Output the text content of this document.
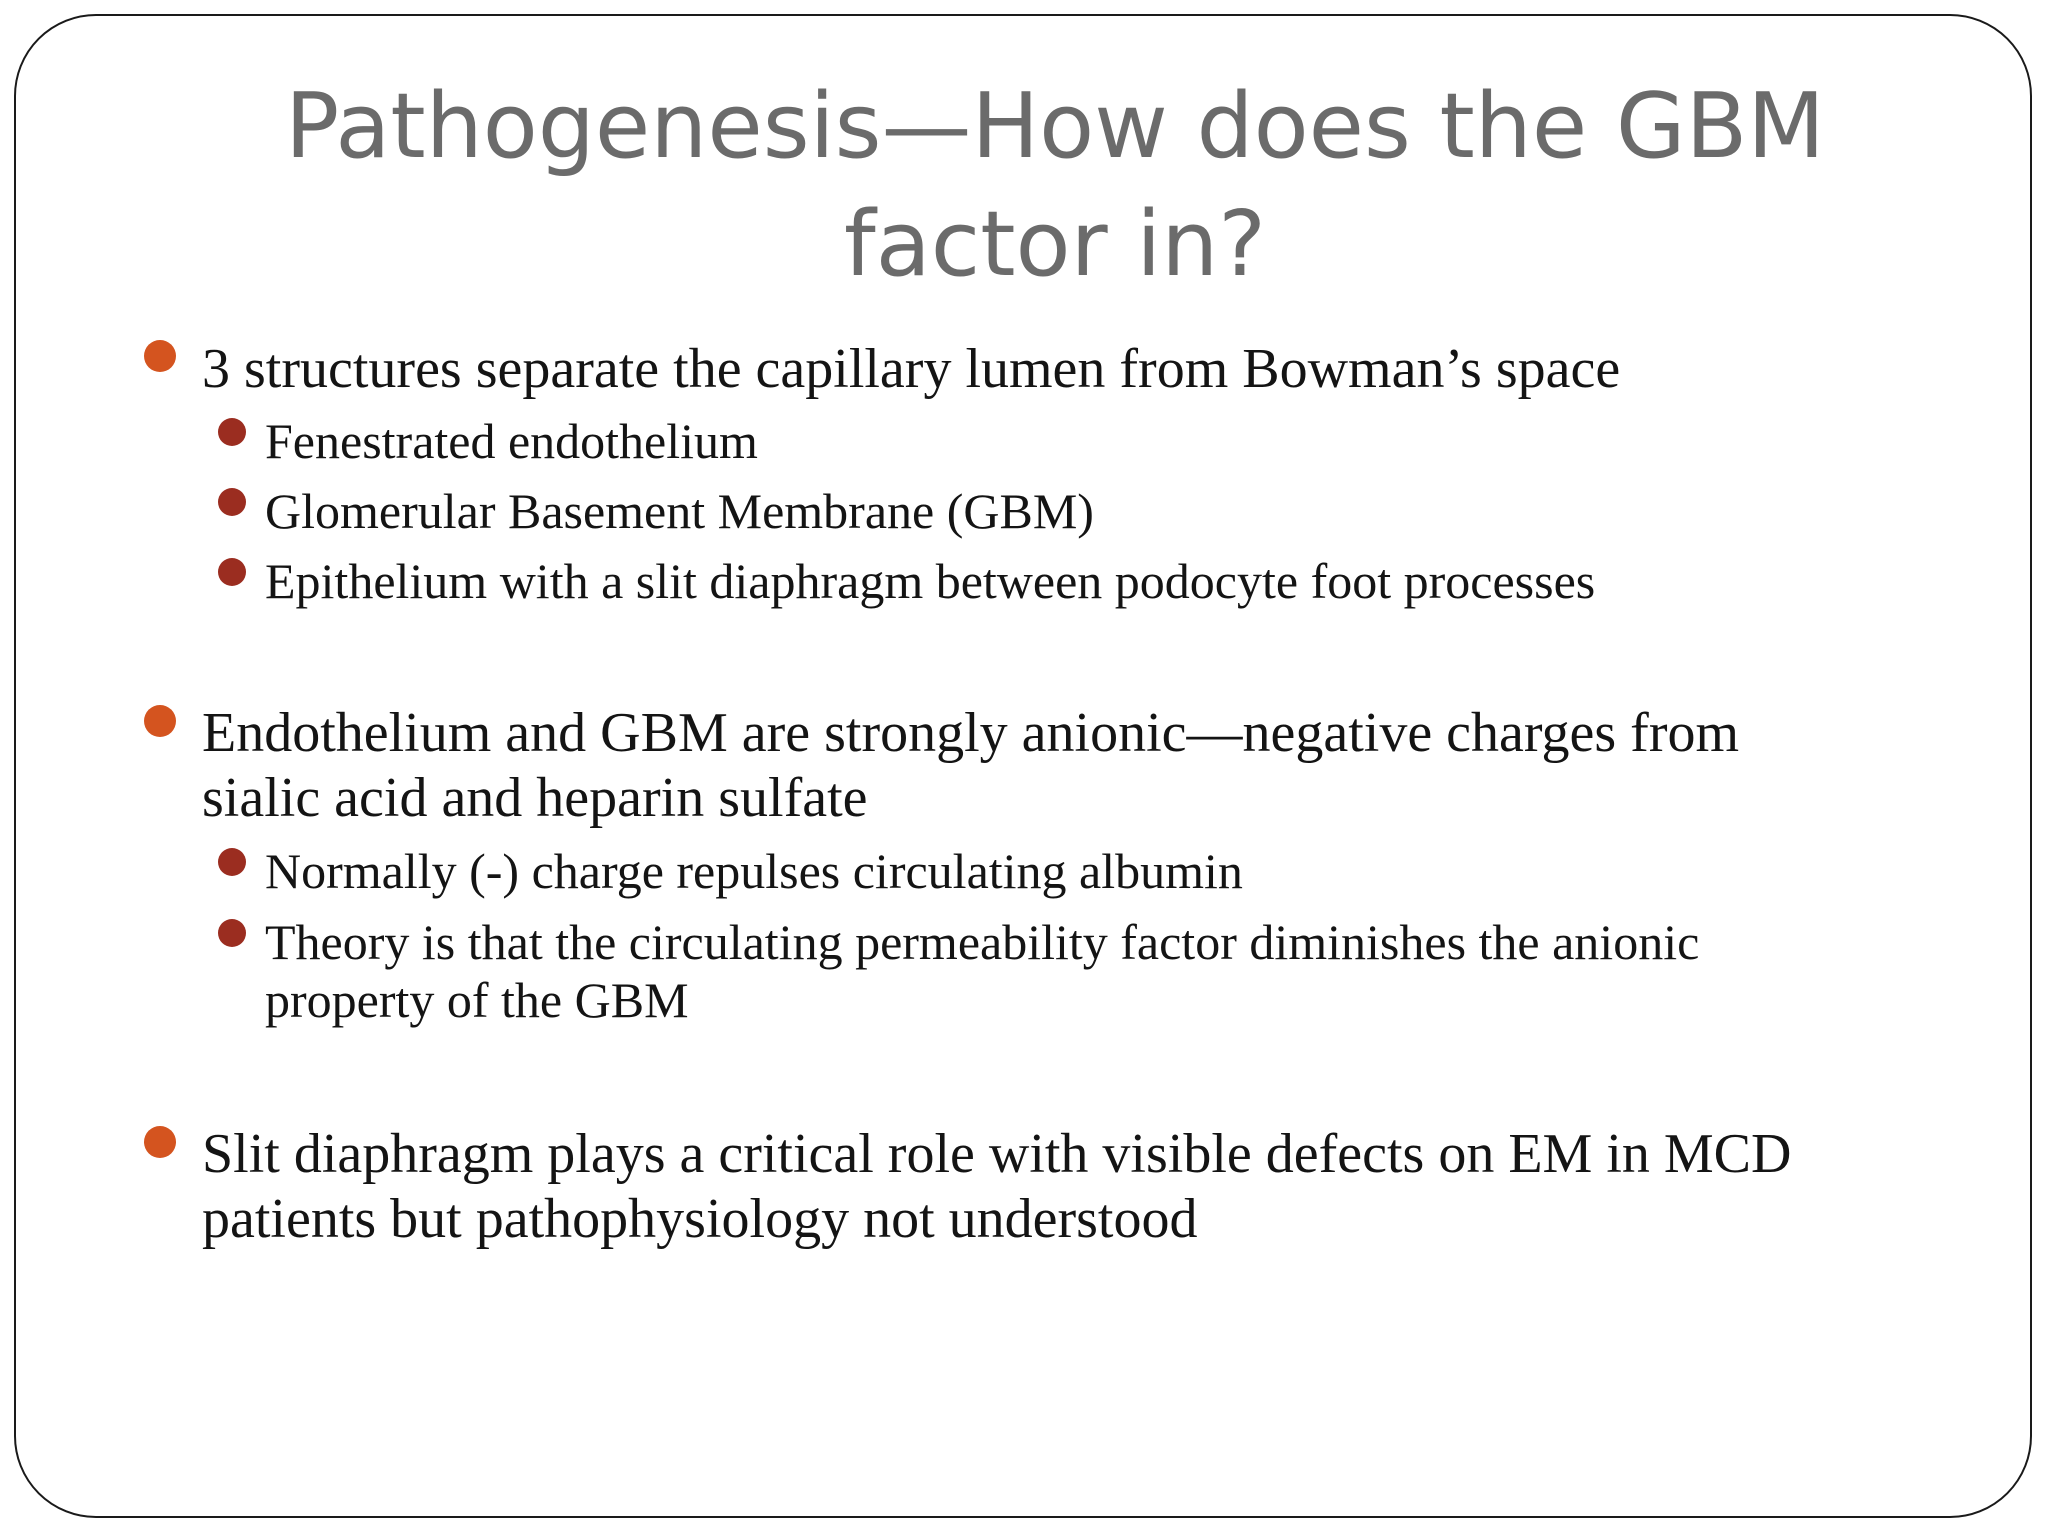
Pathogenesis—How does the GBM
factor in?
3 structures separate the capillary lumen from Bowman’s space
Fenestrated endothelium
Glomerular Basement Membrane (GBM)
Epithelium with a slit diaphragm between podocyte foot processes
Endothelium and GBM are strongly anionic—negative charges from
sialic acid and heparin sulfate
Normally (-) charge repulses circulating albumin
Theory is that the circulating permeability factor diminishes the anionic
property of the GBM
Slit diaphragm plays a critical role with visible defects on EM in MCD
patients but pathophysiology not understood
